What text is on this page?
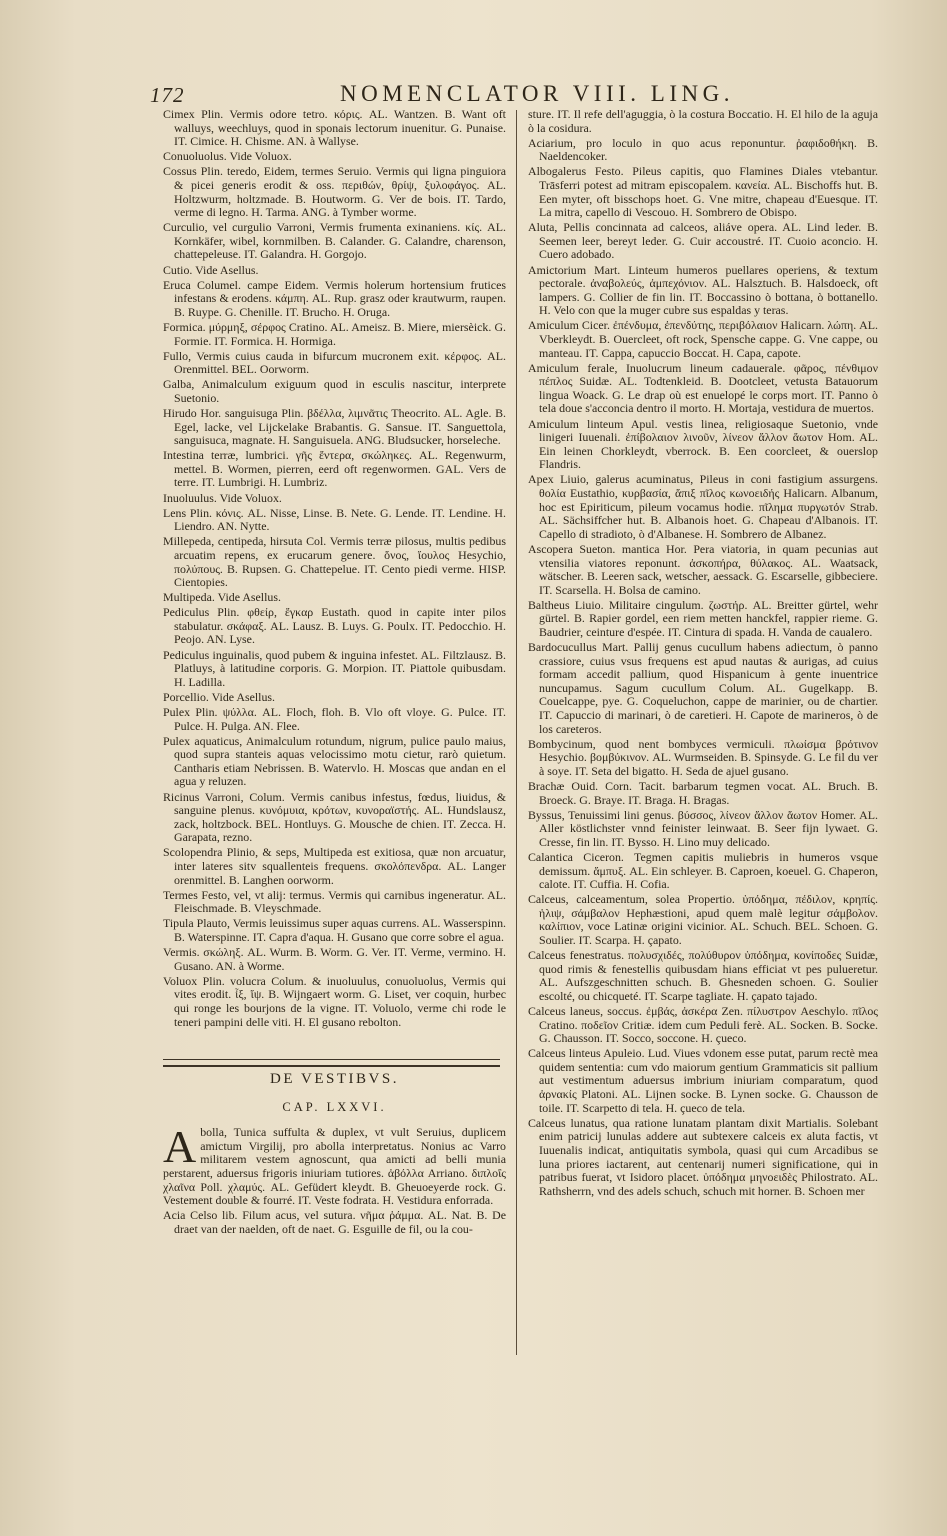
172	NOMENCLATOR VIII. LING.

Cimex Plin. Vermis odore tetro. κόρις. AL. Wantzen. B. Want oft walluys, weechluys, quod in sponais lectorum inuenitur. G. Punaise. IT. Cimice. H. Chisme. AN. à Wallyse.

Conuoluolus. Vide Voluox.

Cossus Plin. teredo, Eidem, termes Seruio. Vermis qui ligna pinguiora & picei generis erodit & oss. περιθών, θρίψ, ξυλοφάγος. AL. Holtzwurm, holtzmade. B. Houtworm. G. Ver de bois. IT. Tardo, verme di legno. H. Tarma. ANG. à Tymber worme.

Curculio, vel curgulio Varroni, Vermis frumenta exinaniens. κίς. AL. Kornkäfer, wibel, kornmilben. B. Calander. G. Calandre, charenson, chattepeleuse. IT. Galandra. H. Gorgojo.

Cutio. Vide Asellus.

Eruca Columel. campe Eidem. Vermis holerum hortensium frutices infestans & erodens. κάμπη. AL. Rup. grasz oder krautwurm, raupen. B. Ruype. G. Chenille. IT. Brucho. H. Oruga.

Formica. μύρμηξ, σέρφος Cratino. AL. Ameisz. B. Miere, miersèick. G. Formie. IT. Formica. H. Hormiga.

Fullo, Vermis cuius cauda in bifurcum mucronem exit. κέρφος. AL. Orenmittel. BEL. Oorworm.

Galba, Animalculum exiguum quod in esculis nascitur, interprete Suetonio.

Hirudo Hor. sanguisuga Plin. βδέλλα, λιμνᾶτις Theocrito. AL. Agle. B. Egel, lacke, vel Lijckelake Brabantis. G. Sansue. IT. Sanguettola, sanguisuca, magnate. H. Sanguisuela. ANG. Bludsucker, horseleche.

Intestina terræ, lumbrici. γῆς ἔντερα, σκώληκες. AL. Regenwurm, mettel. B. Wormen, pierren, eerd oft regenwormen. GAL. Vers de terre. IT. Lumbrigi. H. Lumbriz.

Inuoluulus. Vide Voluox.

Lens Plin. κόνις. AL. Nisse, Linse. B. Nete. G. Lende. IT. Lendine. H. Liendro. AN. Nytte.

Millepeda, centipeda, hirsuta Col. Vermis terræ pilosus, multis pedibus arcuatim repens, ex erucarum genere. ὄνος, ἴουλος Hesychio, πολύπους. B. Rupsen. G. Chattepelue. IT. Cento piedi verme. HISP. Cientopies.

Multipeda. Vide Asellus.

Pediculus Plin. φθείρ, ἔγκαρ Eustath. quod in capite inter pilos stabulatur. σκάφαξ. AL. Lausz. B. Luys. G. Poulx. IT. Pedocchio. H. Peojo. AN. Lyse.

Pediculus inguinalis, quod pubem & inguina infestet. AL. Filtzlausz. B. Platluys, à latitudine corporis. G. Morpion. IT. Piattole quibusdam. H. Ladilla.

Porcellio. Vide Asellus.

Pulex Plin. ψύλλα. AL. Floch, floh. B. Vlo oft vloye. G. Pulce. IT. Pulce. H. Pulga. AN. Flee.

Pulex aquaticus, Animalculum rotundum, nigrum, pulice paulo maius, quod supra stanteis aquas velocissimo motu cietur, rarò quietum. Cantharis etiam Nebrissen. B. Watervlo. H. Moscas que andan en el agua y reluzen.

Ricinus Varroni, Colum. Vermis canibus infestus, fœdus, liuidus, & sanguine plenus. κυνόμυια, κρότων, κυνοραϊστής. AL. Hundslausz, zack, holtzbock. BEL. Hontluys. G. Mousche de chien. IT. Zecca. H. Garapata, rezno.

Scolopendra Plinio, & seps, Multipeda est exitiosa, quæ non arcuatur, inter lateres sitv squallenteis frequens. σκολόπενδρα. AL. Langer orenmittel. B. Langhen oorworm.

Termes Festo, vel, vt alij: termus. Vermis qui carnibus ingeneratur. AL. Fleischmade. B. Vleyschmade.

Tipula Plauto, Vermis leuissimus super aquas currens. AL. Wasserspinn. B. Waterspinne. IT. Capra d'aqua. H. Gusano que corre sobre el agua.

Vermis. σκώληξ. AL. Wurm. B. Worm. G. Ver. IT. Verme, vermino. H. Gusano. AN. à Worme.

Voluox Plin. volucra Colum. & inuoluulus, conuoluolus, Vermis qui vites erodit. ἶξ, ἴψ. B. Wijngaert worm. G. Liset, ver coquin, hurbec qui ronge les bourjons de la vigne. IT. Voluolo, verme chi rode le teneri pampini delle viti. H. El gusano rebolton.

DE VESTIBVS.
CAP. LXXVI.

Abolla, Tunica suffulta & duplex, vt vult Seruius, duplicem amictum Virgilij, pro abolla interpretatus. Nonius ac Varro militarem vestem agnoscunt, qua amicti ad belli munia perstarent, aduersus frigoris iniuriam tutiores. ἀβόλλα Arriano. διπλοΐς χλαῖνα Poll. χλαμύς. AL. Gefüdert kleydt. B. Gheuoeyerde rock. G. Vestement double & fourré. IT. Veste fodrata. H. Vestidura enforrada.

Acia Celso lib. Filum acus, vel sutura. νῆμα ῥάμμα. AL. Nat. B. De draet van der naelden, oft de naet. G. Esguille de fil, ou la cou-

sture. IT. Il refe dell'aguggia, ò la costura Boccatio. H. El hilo de la aguja ò la cosidura.

Aciarium, pro loculo in quo acus reponuntur. ῥαφιδοθήκη. B. Naeldencoker.

Albogalerus Festo. Pileus capitis, quo Flamines Diales vtebantur. Trāsferri potest ad mitram episcopalem. κανεία. AL. Bischoffs hut. B. Een myter, oft bisschops hoet. G. Vne mitre, chapeau d'Euesque. IT. La mitra, capello di Vescouo. H. Sombrero de Obispo.

Aluta, Pellis concinnata ad calceos, aliáve opera. AL. Lind leder. B. Seemen leer, bereyt leder. G. Cuir accoustré. IT. Cuoio aconcio. H. Cuero adobado.

Amictorium Mart. Linteum humeros puellares operiens, & textum pectorale. ἀναβολεύς, ἀμπεχόνιον. AL. Halsztuch. B. Halsdoeck, oft lampers. G. Collier de fin lin. IT. Boccassino ò bottana, ò bottanello. H. Velo con que la muger cubre sus espaldas y teras.

Amiculum Cicer. ἐπένδυμα, ἐπενδύτης, περιβόλαιον Halicarn. λώπη. AL. Vberkleydt. B. Ouercleet, oft rock, Spensche cappe. G. Vne cappe, ou manteau. IT. Cappa, capuccio Boccat. H. Capa, capote.

Amiculum ferale, Inuolucrum lineum cadauerale. φᾶρος, πένθιμον πέπλος Suidæ. AL. Todtenkleid. B. Dootcleet, vetusta Batauorum lingua Woack. G. Le drap où est enuelopé le corps mort. IT. Panno ò tela doue s'acconcia dentro il morto. H. Mortaja, vestidura de muertos.

Amiculum linteum Apul. vestis linea, religiosaque Suetonio, vnde linigeri Iuuenali. ἐπίβολαιον λινοῦν, λίνεον ἄλλον ἄωτον Hom. AL. Ein leinen Chorkleydt, vberrock. B. Een coorcleet, & ouerslop Flandris.

Apex Liuio, galerus acuminatus, Pileus in coni fastigium assurgens. θολία Eustathio, κυρβασία, ἄπιξ πῖλος κωνοειδής Halicarn. Albanum, hoc est Epiriticum, pileum vocamus hodie. πῖλημα πυργωτόν Strab. AL. Sächsiffcher hut. B. Albanois hoet. G. Chapeau d'Albanois. IT. Capello di stradioto, ò d'Albanese. H. Sombrero de Albanez.

Ascopera Sueton. mantica Hor. Pera viatoria, in quam pecunias aut vtensilia viatores reponunt. ἀσκοπήρα, θύλακος. AL. Waatsack, wätscher. B. Leeren sack, wetscher, aessack. G. Escarselle, gibbeciere. IT. Scarsella. H. Bolsa de camino.

Baltheus Liuio. Militaire cingulum. ζωστήρ. AL. Breitter gürtel, wehr gürtel. B. Rapier gordel, een riem metten hanckfel, rappier rieme. G. Baudrier, ceinture d'espée. IT. Cintura di spada. H. Vanda de caualero.

Bardocucullus Mart. Pallij genus cucullum habens adiectum, ò panno crassiore, cuius vsus frequens est apud nautas & aurigas, ad cuius formam accedit pallium, quod Hispanicum à gente inuentrice nuncupamus. Sagum cucullum Colum. AL. Gugelkapp. B. Couelcappe, pye. G. Coqueluchon, cappe de marinier, ou de chartier. IT. Capuccio di marinari, ò de caretieri. H. Capote de marineros, ò de los careteros.

Bombycinum, quod nent bombyces vermiculi. πλωίσμα βρότινον Hesychio. βομβύκινον. AL. Wurmseiden. B. Spinsyde. G. Le fil du ver à soye. IT. Seta del bigatto. H. Seda de ajuel gusano.

Brachæ Ouid. Corn. Tacit. barbarum tegmen vocat. AL. Bruch. B. Broeck. G. Braye. IT. Braga. H. Bragas.

Byssus, Tenuissimi lini genus. βύσσος, λίνεον ἄλλον ἄωτον Homer. AL. Aller köstlichster vnnd feinister leinwaat. B. Seer fijn lywaet. G. Cresse, fin lin. IT. Bysso. H. Lino muy delicado.

Calantica Ciceron. Tegmen capitis muliebris in humeros vsque demissum. ἄμπυξ. AL. Ein schleyer. B. Caproen, koeuel. G. Chaperon, calote. IT. Cuffia. H. Cofia.

Calceus, calceamentum, solea Propertio. ὑπόδημα, πέδιλον, κρηπίς. ἡλιψ, σάμβαλον Hephæstioni, apud quem malè legitur σάμβολον. καλίπιον, voce Latinæ origini vicinior. AL. Schuch. BEL. Schoen. G. Soulier. IT. Scarpa. H. çapato.

Calceus fenestratus. πολυσχιδές, πολύθυρον ὑπόδημα, κονίποδες Suidæ, quod rimis & fenestellis quibusdam hians efficiat vt pes pulueretur. AL. Aufszgeschnitten schuch. B. Ghesneden schoen. G. Soulier escolté, ou chicqueté. IT. Scarpe tagliate. H. çapato tajado.

Calceus laneus, soccus. ἐμβάς, ἀσκέρα Zen. πίλυστρον Aeschylo. πῖλος Cratino. ποδεῖον Critiæ. idem cum Peduli ferè. AL. Socken. B. Socke. G. Chausson. IT. Socco, soccone. H. çueco.

Calceus linteus Apuleio. Lud. Viues vdonem esse putat, parum rectè mea quidem sententia: cum vdo maiorum gentium Grammaticis sit pallium aut vestimentum aduersus imbrium iniuriam comparatum, quod ἀρνακίς Platoni. AL. Lijnen socke. B. Lynen socke. G. Chausson de toile. IT. Scarpetto di tela. H. çueco de tela.

Calceus lunatus, qua ratione lunatam plantam dixit Martialis. Solebant enim patricij lunulas addere aut subtexere calceis ex aluta factis, vt Iuuenalis indicat, antiquitatis symbola, quasi qui cum Arcadibus se luna priores iactarent, aut centenarij numeri significatione, qui in patribus fuerat, vt Isidoro placet. ὑπόδημα μηνοειδὲς Philostrato. AL. Rathsherrn, vnd des adels schuch, schuch mit horner. B. Schoen mer
